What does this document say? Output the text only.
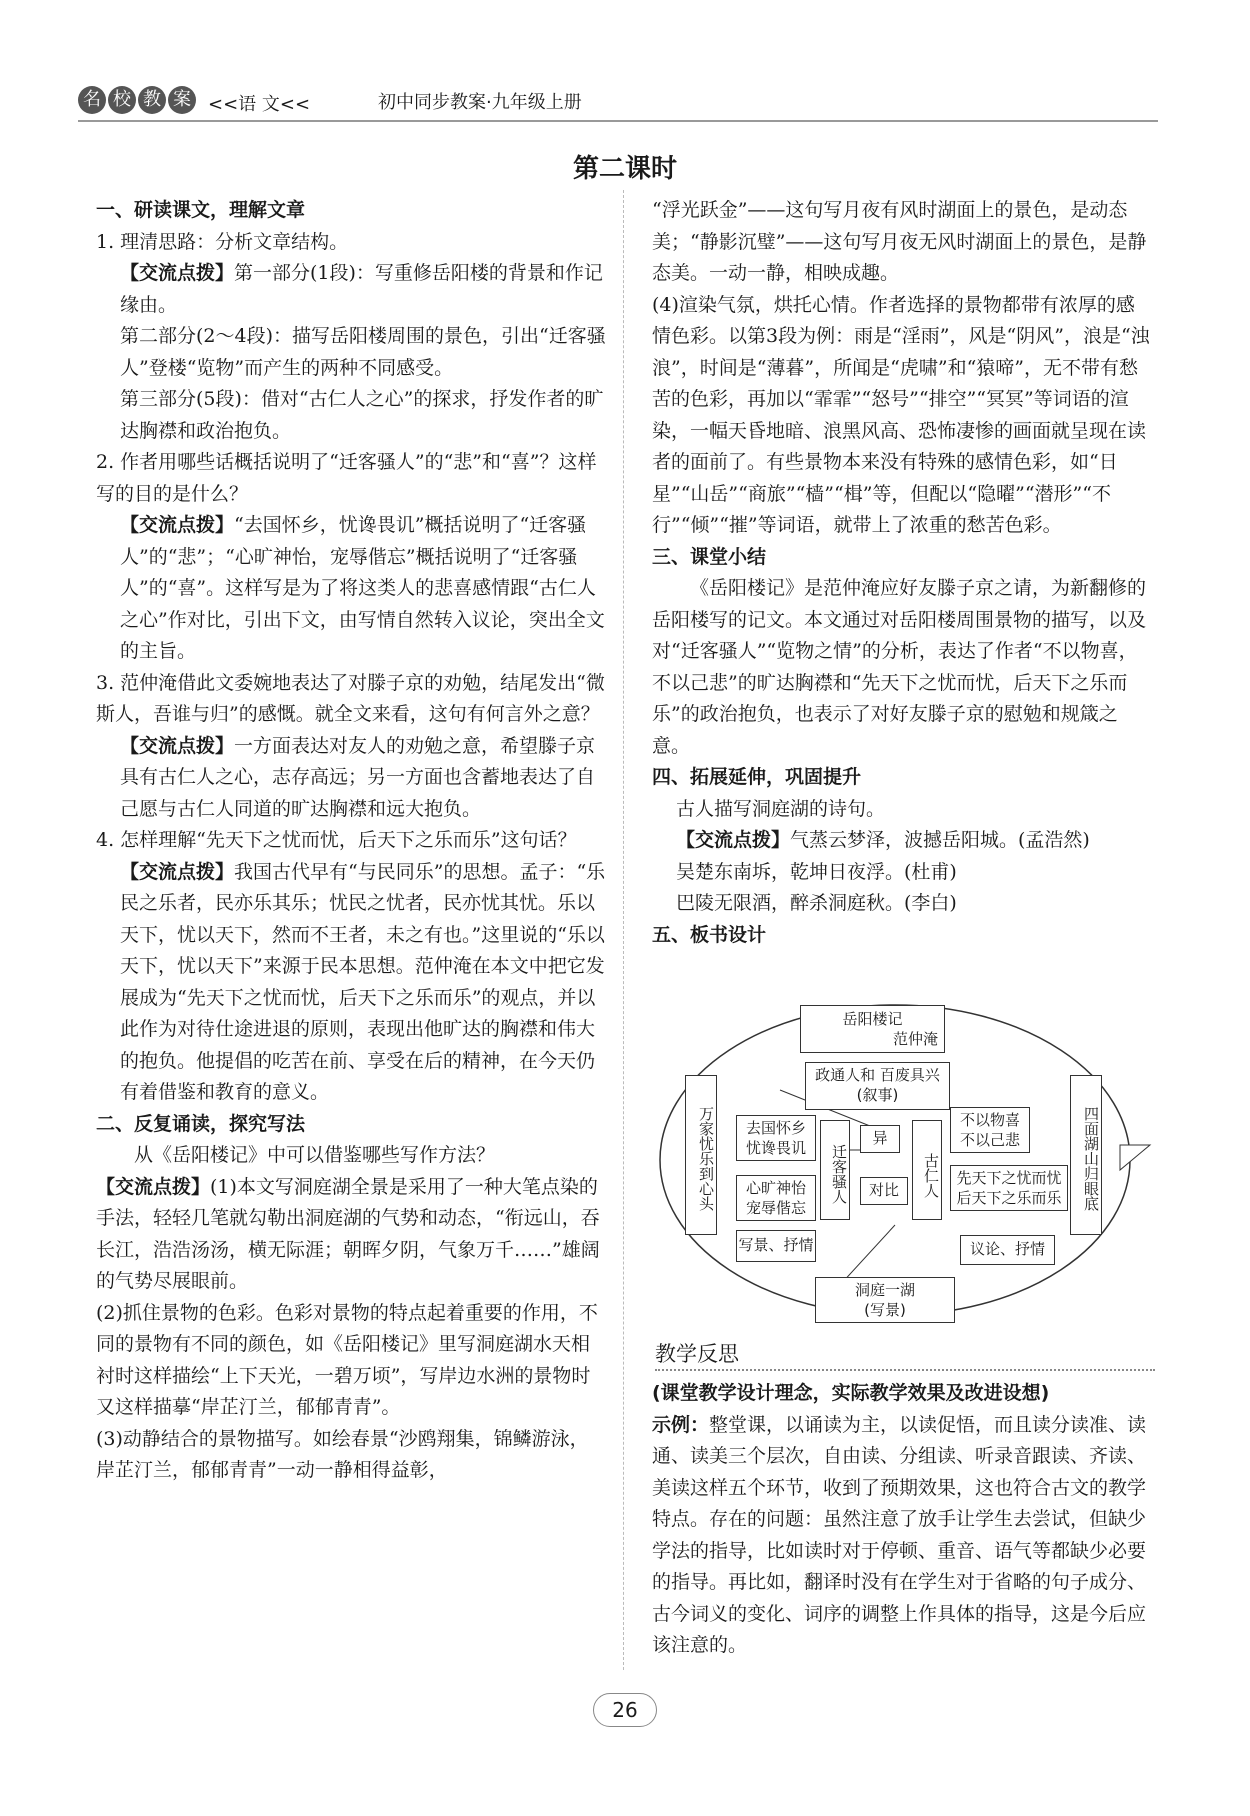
名 校 教 案 <<语 文<<	初中同步教案·九年级上册
第二课时

一、研读课文，理解文章

1. 理清思路：分析文章结构。

【交流点拨】第一部分(1段)：写重修岳阳楼的背景和作记缘由。

第二部分(2～4段)：描写岳阳楼周围的景色，引出“迁客骚人”登楼“览物”而产生的两种不同感受。

第三部分(5段)：借对“古仁人之心”的探求，抒发作者的旷达胸襟和政治抱负。

2. 作者用哪些话概括说明了“迁客骚人”的“悲”和“喜”？这样写的目的是什么？

【交流点拨】“去国怀乡，忧谗畏讥”概括说明了“迁客骚人”的“悲”；“心旷神怡，宠辱偕忘”概括说明了“迁客骚人”的“喜”。这样写是为了将这类人的悲喜感情跟“古仁人之心”作对比，引出下文，由写情自然转入议论，突出全文的主旨。

3. 范仲淹借此文委婉地表达了对滕子京的劝勉，结尾发出“微斯人，吾谁与归”的感慨。就全文来看，这句有何言外之意？

【交流点拨】一方面表达对友人的劝勉之意，希望滕子京具有古仁人之心，志存高远；另一方面也含蓄地表达了自己愿与古仁人同道的旷达胸襟和远大抱负。

4. 怎样理解“先天下之忧而忧，后天下之乐而乐”这句话？

【交流点拨】我国古代早有“与民同乐”的思想。孟子：“乐民之乐者，民亦乐其乐；忧民之忧者，民亦忧其忧。乐以天下，忧以天下，然而不王者，未之有也。”这里说的“乐以天下，忧以天下”来源于民本思想。范仲淹在本文中把它发展成为“先天下之忧而忧，后天下之乐而乐”的观点，并以此作为对待仕途进退的原则，表现出他旷达的胸襟和伟大的抱负。他提倡的吃苦在前、享受在后的精神，在今天仍有着借鉴和教育的意义。

二、反复诵读，探究写法

从《岳阳楼记》中可以借鉴哪些写作方法？

【交流点拨】(1)本文写洞庭湖全景是采用了一种大笔点染的手法，轻轻几笔就勾勒出洞庭湖的气势和动态，“衔远山，吞长江，浩浩汤汤，横无际涯；朝晖夕阴，气象万千……”雄阔的气势尽展眼前。

(2)抓住景物的色彩。色彩对景物的特点起着重要的作用，不同的景物有不同的颜色，如《岳阳楼记》里写洞庭湖水天相衬时这样描绘“上下天光，一碧万顷”，写岸边水洲的景物时又这样描摹“岸芷汀兰，郁郁青青”。

(3)动静结合的景物描写。如绘春景“沙鸥翔集，锦鳞游泳，岸芷汀兰，郁郁青青”一动一静相得益彰，

“浮光跃金”——这句写月夜有风时湖面上的景色，是动态美；“静影沉璧”——这句写月夜无风时湖面上的景色，是静态美。一动一静，相映成趣。

(4)渲染气氛，烘托心情。作者选择的景物都带有浓厚的感情色彩。以第3段为例：雨是“淫雨”，风是“阴风”，浪是“浊浪”，时间是“薄暮”，所闻是“虎啸”和“猿啼”，无不带有愁苦的色彩，再加以“霏霏”“怒号”“排空”“冥冥”等词语的渲染，一幅天昏地暗、浪黑风高、恐怖凄惨的画面就呈现在读者的面前了。有些景物本来没有特殊的感情色彩，如“日星”“山岳”“商旅”“樯”“楫”等，但配以“隐曜”“潜形”“不行”“倾”“摧”等词语，就带上了浓重的愁苦色彩。

三、课堂小结

《岳阳楼记》是范仲淹应好友滕子京之请，为新翻修的岳阳楼写的记文。本文通过对岳阳楼周围景物的描写，以及对“迁客骚人”“览物之情”的分析，表达了作者“不以物喜，不以己悲”的旷达胸襟和“先天下之忧而忧，后天下之乐而乐”的政治抱负，也表示了对好友滕子京的慰勉和规箴之意。

四、拓展延伸，巩固提升

古人描写洞庭湖的诗句。

【交流点拨】气蒸云梦泽，波撼岳阳城。(孟浩然)

吴楚东南坼，乾坤日夜浮。(杜甫)

巴陵无限酒，醉杀洞庭秋。(李白)

五、板书设计

岳阳楼记
范仲淹
政通人和 百废具兴
(叙事)
万家忧乐到心头	四面湖山归眼底
去国怀乡 忧谗畏讥
心旷神怡 宠辱偕忘
迁客骚人
异
对比	古仁人
不以物喜 不以己悲
先天下之忧而忧 后天下之乐而乐
写景、抒情	议论、抒情
洞庭一湖
(写景)
教学反思

(课堂教学设计理念，实际教学效果及改进设想)

示例：整堂课，以诵读为主，以读促悟，而且读分读准、读通、读美三个层次，自由读、分组读、听录音跟读、齐读、美读这样五个环节，收到了预期效果，这也符合古文的教学特点。存在的问题：虽然注意了放手让学生去尝试，但缺少学法的指导，比如读时对于停顿、重音、语气等都缺少必要的指导。再比如，翻译时没有在学生对于省略的句子成分、古今词义的变化、词序的调整上作具体的指导，这是今后应该注意的。

26
